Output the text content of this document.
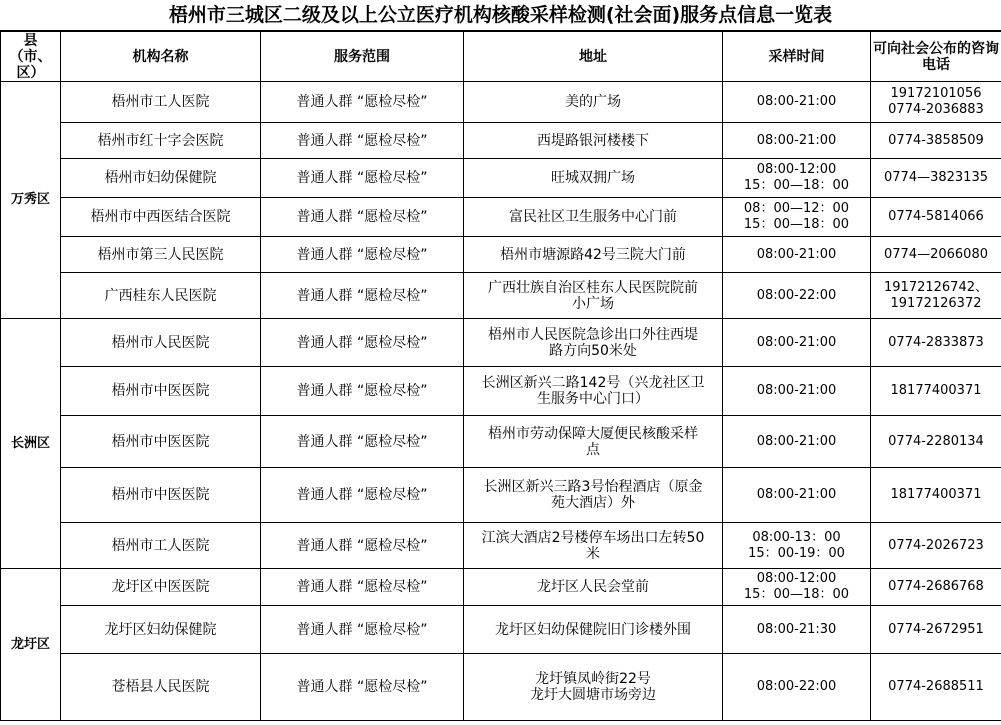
梧州市三城区二级及以上公立医疗机构核酸采样检测(社会面)服务点信息一览表
县（市、区）	机构名称	服务范围	地址	采样时间	可向社会公布的咨询电话
万秀区	梧州市工人医院	普通人群 “愿检尽检”	美的广场	08:00-21:00	19172101056
0774-2036883

	梧州市红十字会医院	普通人群 “愿检尽检”	西堤路银河楼楼下	08:00-21:00	0774-3858509

	梧州市妇幼保健院	普通人群 “愿检尽检”	旺城双拥广场	08:00-12:00
15：00—18：00	0774—3823135

	梧州市中西医结合医院	普通人群 “愿检尽检”	富民社区卫生服务中心门前	08：00—12：00
15：00—18：00	0774-5814066

	梧州市第三人民医院	普通人群 “愿检尽检”	梧州市塘源路42号三院大门前	08:00-21:00	0774—2066080

	广西桂东人民医院	普通人群 “愿检尽检”	广西壮族自治区桂东人民医院院前
小广场	08:00-22:00	19172126742、
19172126372

长洲区	梧州市人民医院	普通人群 “愿检尽检”	梧州市人民医院急诊出口外往西堤
路方向50米处	08:00-21:00	0774-2833873

	梧州市中医医院	普通人群 “愿检尽检”	长洲区新兴二路142号（兴龙社区卫
生服务中心门口）	08:00-21:00	18177400371

	梧州市中医医院	普通人群 “愿检尽检”	梧州市劳动保障大厦便民核酸采样
点	08:00-21:00	0774-2280134

	梧州市中医医院	普通人群 “愿检尽检”	长洲区新兴三路3号怡程酒店（原金
苑大酒店）外	08:00-21:00	18177400371

	梧州市工人医院	普通人群 “愿检尽检”	江滨大酒店2号楼停车场出口左转50
米	08:00-13：00
15：00-19：00	0774-2026723

龙圩区	龙圩区中医医院	普通人群 “愿检尽检”	龙圩区人民会堂前	08:00-12:00
15：00—18：00	0774-2686768

	龙圩区妇幼保健院	普通人群 “愿检尽检”	龙圩区妇幼保健院旧门诊楼外围	08:00-21:30	0774-2672951

	苍梧县人民医院	普通人群 “愿检尽检”	龙圩镇凤岭街22号
龙圩大圆塘市场旁边	08:00-22:00	0774-2688511
